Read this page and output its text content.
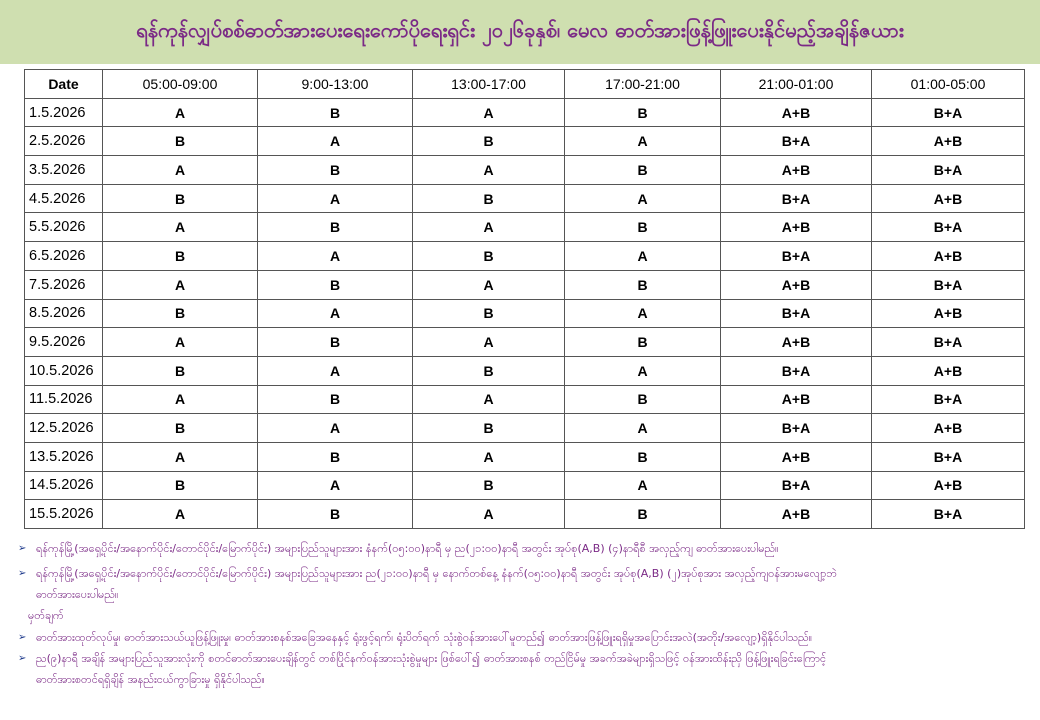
ရန်ကုန်လျှပ်စစ်ဓာတ်အားပေးရေးကော်ပိုရေးရှင်း ၂၀၂၆ခုနှစ်၊ မေလ ဓာတ်အားဖြန့်ဖြူးပေးနိုင်မည့်အချိန်ဇယား
Date	05:00-09:00	9:00-13:00	13:00-17:00	17:00-21:00	21:00-01:00	01:00-05:00
1.5.2026	A	B	A	B	A+B	B+A
2.5.2026	B	A	B	A	B+A	A+B
3.5.2026	A	B	A	B	A+B	B+A
4.5.2026	B	A	B	A	B+A	A+B
5.5.2026	A	B	A	B	A+B	B+A
6.5.2026	B	A	B	A	B+A	A+B
7.5.2026	A	B	A	B	A+B	B+A
8.5.2026	B	A	B	A	B+A	A+B
9.5.2026	A	B	A	B	A+B	B+A
10.5.2026	B	A	B	A	B+A	A+B
11.5.2026	A	B	A	B	A+B	B+A
12.5.2026	B	A	B	A	B+A	A+B
13.5.2026	A	B	A	B	A+B	B+A
14.5.2026	B	A	B	A	B+A	A+B
15.5.2026	A	B	A	B	A+B	B+A
➢ ရန်ကုန်မြို့(အရှေ့ပိုင်း/အနောက်ပိုင်း/တောင်ပိုင်း/မြောက်ပိုင်း) အများပြည်သူများအား နံနက်(၀၅:၀၀)နာရီ မှ ည(၂၁:၀၀)နာရီ အတွင်း အုပ်စု(A,B) (၄)နာရီစီ အလှည့်ကျ ဓာတ်အားပေးပါမည်။
➢ ရန်ကုန်မြို့(အရှေ့ပိုင်း/အနောက်ပိုင်း/တောင်ပိုင်း/မြောက်ပိုင်း) အများပြည်သူများအား ည(၂၁:၀၀)နာရီ မှ နောက်တစ်နေ့ နံနက်(၀၅:၀၀)နာရီ အတွင်း အုပ်စု(A,B) (၂)အုပ်စုအား အလှည့်ကျဝန်အားမလျော့ဘဲ
ဓာတ်အားပေးပါမည်။
မှတ်ချက်
➢ ဓာတ်အားထုတ်လုပ်မှု၊ ဓာတ်အားသယ်ယူဖြန့်ဖြူးမှု၊ ဓာတ်အားစနစ်အခြေအနေနှင့် ရုံးဖွင့်ရက်၊ ရုံးပိတ်ရက် သုံးစွဲဝန်အားပေါ်မူတည်၍ ဓာတ်အားဖြန့်ဖြူးရရှိမှုအပြောင်းအလဲ(အတိုး/အလျော့)ရှိနိုင်ပါသည်။
➢ ည(၉)နာရီ အချိန် အများပြည်သူအားလုံးကို စတင်ဓာတ်အားပေးချိန်တွင် တစ်ပြိုင်နက်ဝန်အားသုံးစွဲမှုများ ဖြစ်ပေါ်၍ ဓာတ်အားစနစ် တည်ငြိမ်မှု အခက်အခဲများရှိသဖြင့် ဝန်အားထိန်းညှိ ဖြန့်ဖြူးရခြင်းကြောင့်
ဓာတ်အားစတင်ရရှိချိန် အနည်းငယ်ကွာခြားမှု ရှိနိုင်ပါသည်။
